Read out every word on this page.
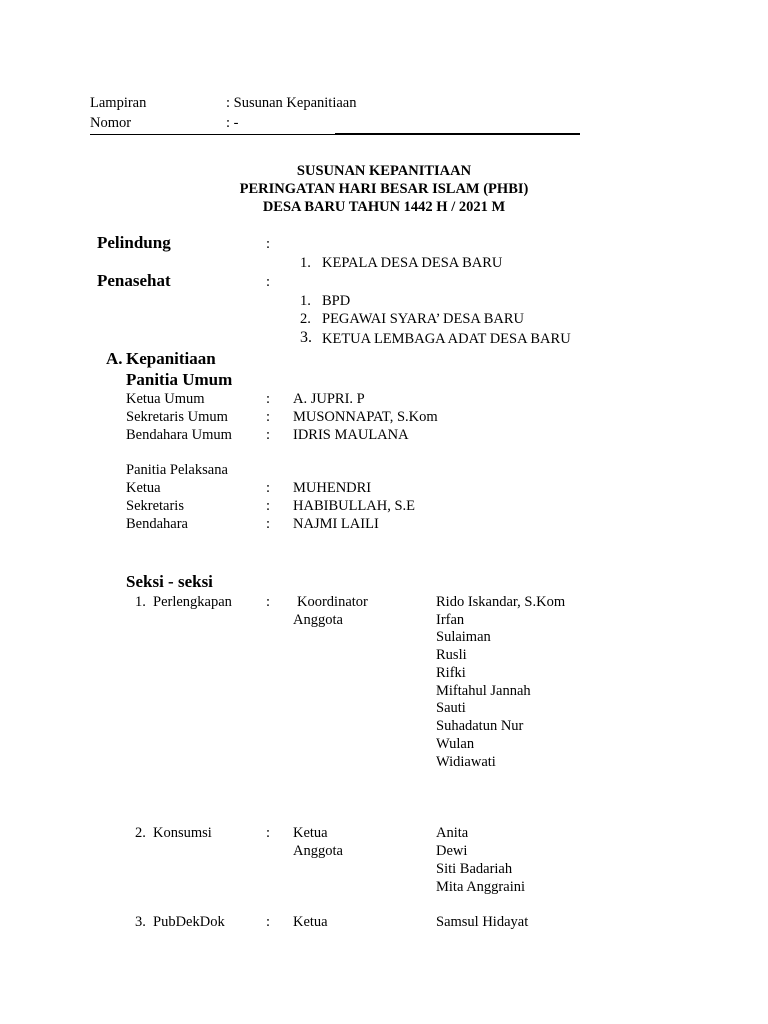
Lampiran	: Susunan Kepanitiaan
Nomor	: -
SUSUNAN KEPANITIAAN
PERINGATAN HARI BESAR ISLAM (PHBI)
DESA BARU TAHUN 1442 H / 2021 M
Pelindung	:
1. KEPALA DESA DESA BARU
Penasehat	:
1. BPD
2. PEGAWAI SYARA’ DESA BARU
3. KETUA LEMBAGA ADAT DESA BARU
A. Kepanitiaan
Panitia Umum
Ketua Umum	: A. JUPRI. P
Sekretaris Umum	: MUSONNAPAT, S.Kom
Bendahara Umum : IDRIS MAULANA
Panitia Pelaksana
Ketua	: MUHENDRI
Sekretaris	: HABIBULLAH, S.E
Bendahara	: NAJMI LAILI
Seksi - seksi
1. Perlengkapan : Koordinator	Rido Iskandar, S.Kom
Anggota	Irfan
Sulaiman
Rusli
Rifki
Miftahul Jannah
Sauti
Suhadatun Nur
Wulan
Widiawati
2. Konsumsi	: Ketua	Anita
Anggota	Dewi
Siti Badariah
Mita Anggraini
3. PubDekDok	: Ketua	Samsul Hidayat
